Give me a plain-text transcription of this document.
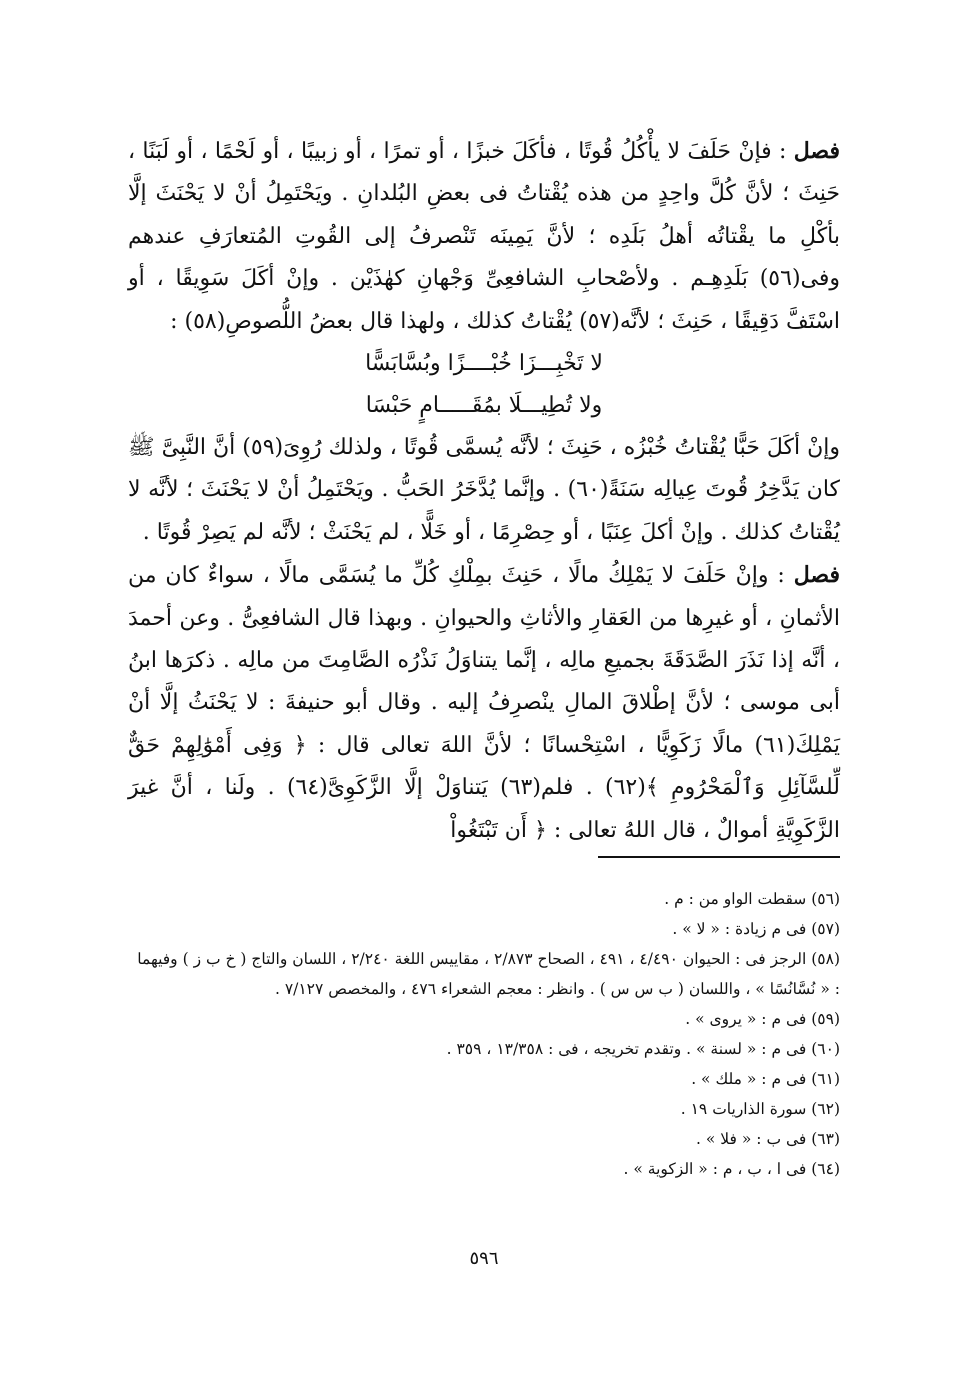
فصل : فإنْ حَلَفَ لا يأْكُلُ قُوتًا ، فأكَلَ خبزًا ، أو تمرًا ، أو زبيبًا ، أو لَحْمًا ، أو لَبَنًا ، حَنِثَ ؛ لأنَّ كُلَّ واحِدٍ من هذه يُقْتاتُ فى بعضِ البُلدانِ . ويَحْتَمِلُ أنْ لا يَحْنَثَ إلَّا بأكْلِ ما يقْتاتُه أهلُ بَلَدِه ؛ لأنَّ يَمِينَه تَنْصرفُ إلى القُوتِ المُتعارَفِ عندهم وفى(٥٦) بَلَدِهِـم . ولأصْحابِ الشافعِىِّ وَجْهانِ كهٰذَيْن . وإنْ أكَلَ سَوِيقًا ، أو اسْتَفَّ دَقِيقًا ، حَنِثَ ؛ لأنَّه(٥٧) يُقْتاتُ كذلك ، ولهذا قال بعضُ اللُّصوصِ(٥٨) :

لا تَخْبِـــزَا خُبْــــزًا وبُسَّابَسًّا
ولا تُطِيـــلَا بمُقَـــــامٍ حَبْسَا

وإنْ أكَلَ حَبًّا يُقْتاتُ خُبْزُه ، حَنِثَ ؛ لأنَّه يُسمَّى قُوتًا ، ولذلك رُوِىَ(٥٩) أنَّ النَّبِىَّ ﷺ كان يَدَّخِرُ قُوتَ عِيالِه سَنَةً(٦٠) . وإنَّما يُدَّخَرُ الحَبُّ . ويَحْتَمِلُ أنْ لا يَحْنَثَ ؛ لأنَّه لا يُقْتاتُ كذلك . وإنْ أكلَ عِنَبًا ، أو حِصْرِمًا ، أو خَلًّا ، لم يَحْنَثْ ؛ لأنَّه لم يَصِرْ قُوتًا .

فصل : وإنْ حَلَفَ لا يَمْلِكُ مالًا ، حَنِثَ بمِلْكِ كُلِّ ما يُسَمَّى مالًا ، سواءٌ كان من الأثمانِ ، أو غيرِها من العَقارِ والأثاثِ والحيوانِ . وبهذا قال الشافعِىُّ . وعن أحمدَ ، أنَّه إذا نَذَرَ الصَّدَقَةَ بجميعِ مالِه ، إنَّما يتناوَلُ نَذْرُه الصَّامِتَ من مالِه . ذكرَها ابنُ أبى موسى ؛ لأنَّ إطْلاقَ المالِ ينْصرِفُ إليه . وقال أبو حنيفةَ : لا يَحْنَثُ إلَّا أنْ يَمْلِكَ(٦١) مالًا زَكَوِيًّا ، اسْتِحْسانًا ؛ لأنَّ اللهَ تعالى قال : ﴿ وَفِى أَمْوَٰلِهِمْ حَقٌّ لِّلسَّآئِلِ وَٱلْمَحْرُومِ ﴾(٦٢) . فلم(٦٣) يَتناوَلْ إلَّا الزَّكَوِىَّ(٦٤) . ولَنا ، أنَّ غيرَ الزَّكَوِيَّةِ أموالٌ ، قال اللهُ تعالى : ﴿ أَن تَبْتَغُواْ

(٥٦) سقطت الواو من : م .

(٥٧) فى م زيادة : « لا » .

(٥٨) الرجز فى : الحيوان ٤/٤٩٠ ، ٤٩١ ، الصحاح ٢/٨٧٣ ، مقاييس اللغة ٢/٢٤٠ ، اللسان والتاج ( خ ب ز ) وفيهما : « نُسَّانُسًا » ، واللسان ( ب س س ) . وانظر : معجم الشعراء ٤٧٦ ، والمخصص ٧/١٢٧ .

(٥٩) فى م : « يروى » .

(٦٠) فى م : « لسنة » . وتقدم تخريجه ، فى : ١٣/٣٥٨ ، ٣٥٩ .

(٦١) فى م : « ملك » .

(٦٢) سورة الذاريات ١٩ .

(٦٣) فى ب : « فلا » .

(٦٤) فى ا ، ب ، م : « الزكوية » .

٥٩٦
